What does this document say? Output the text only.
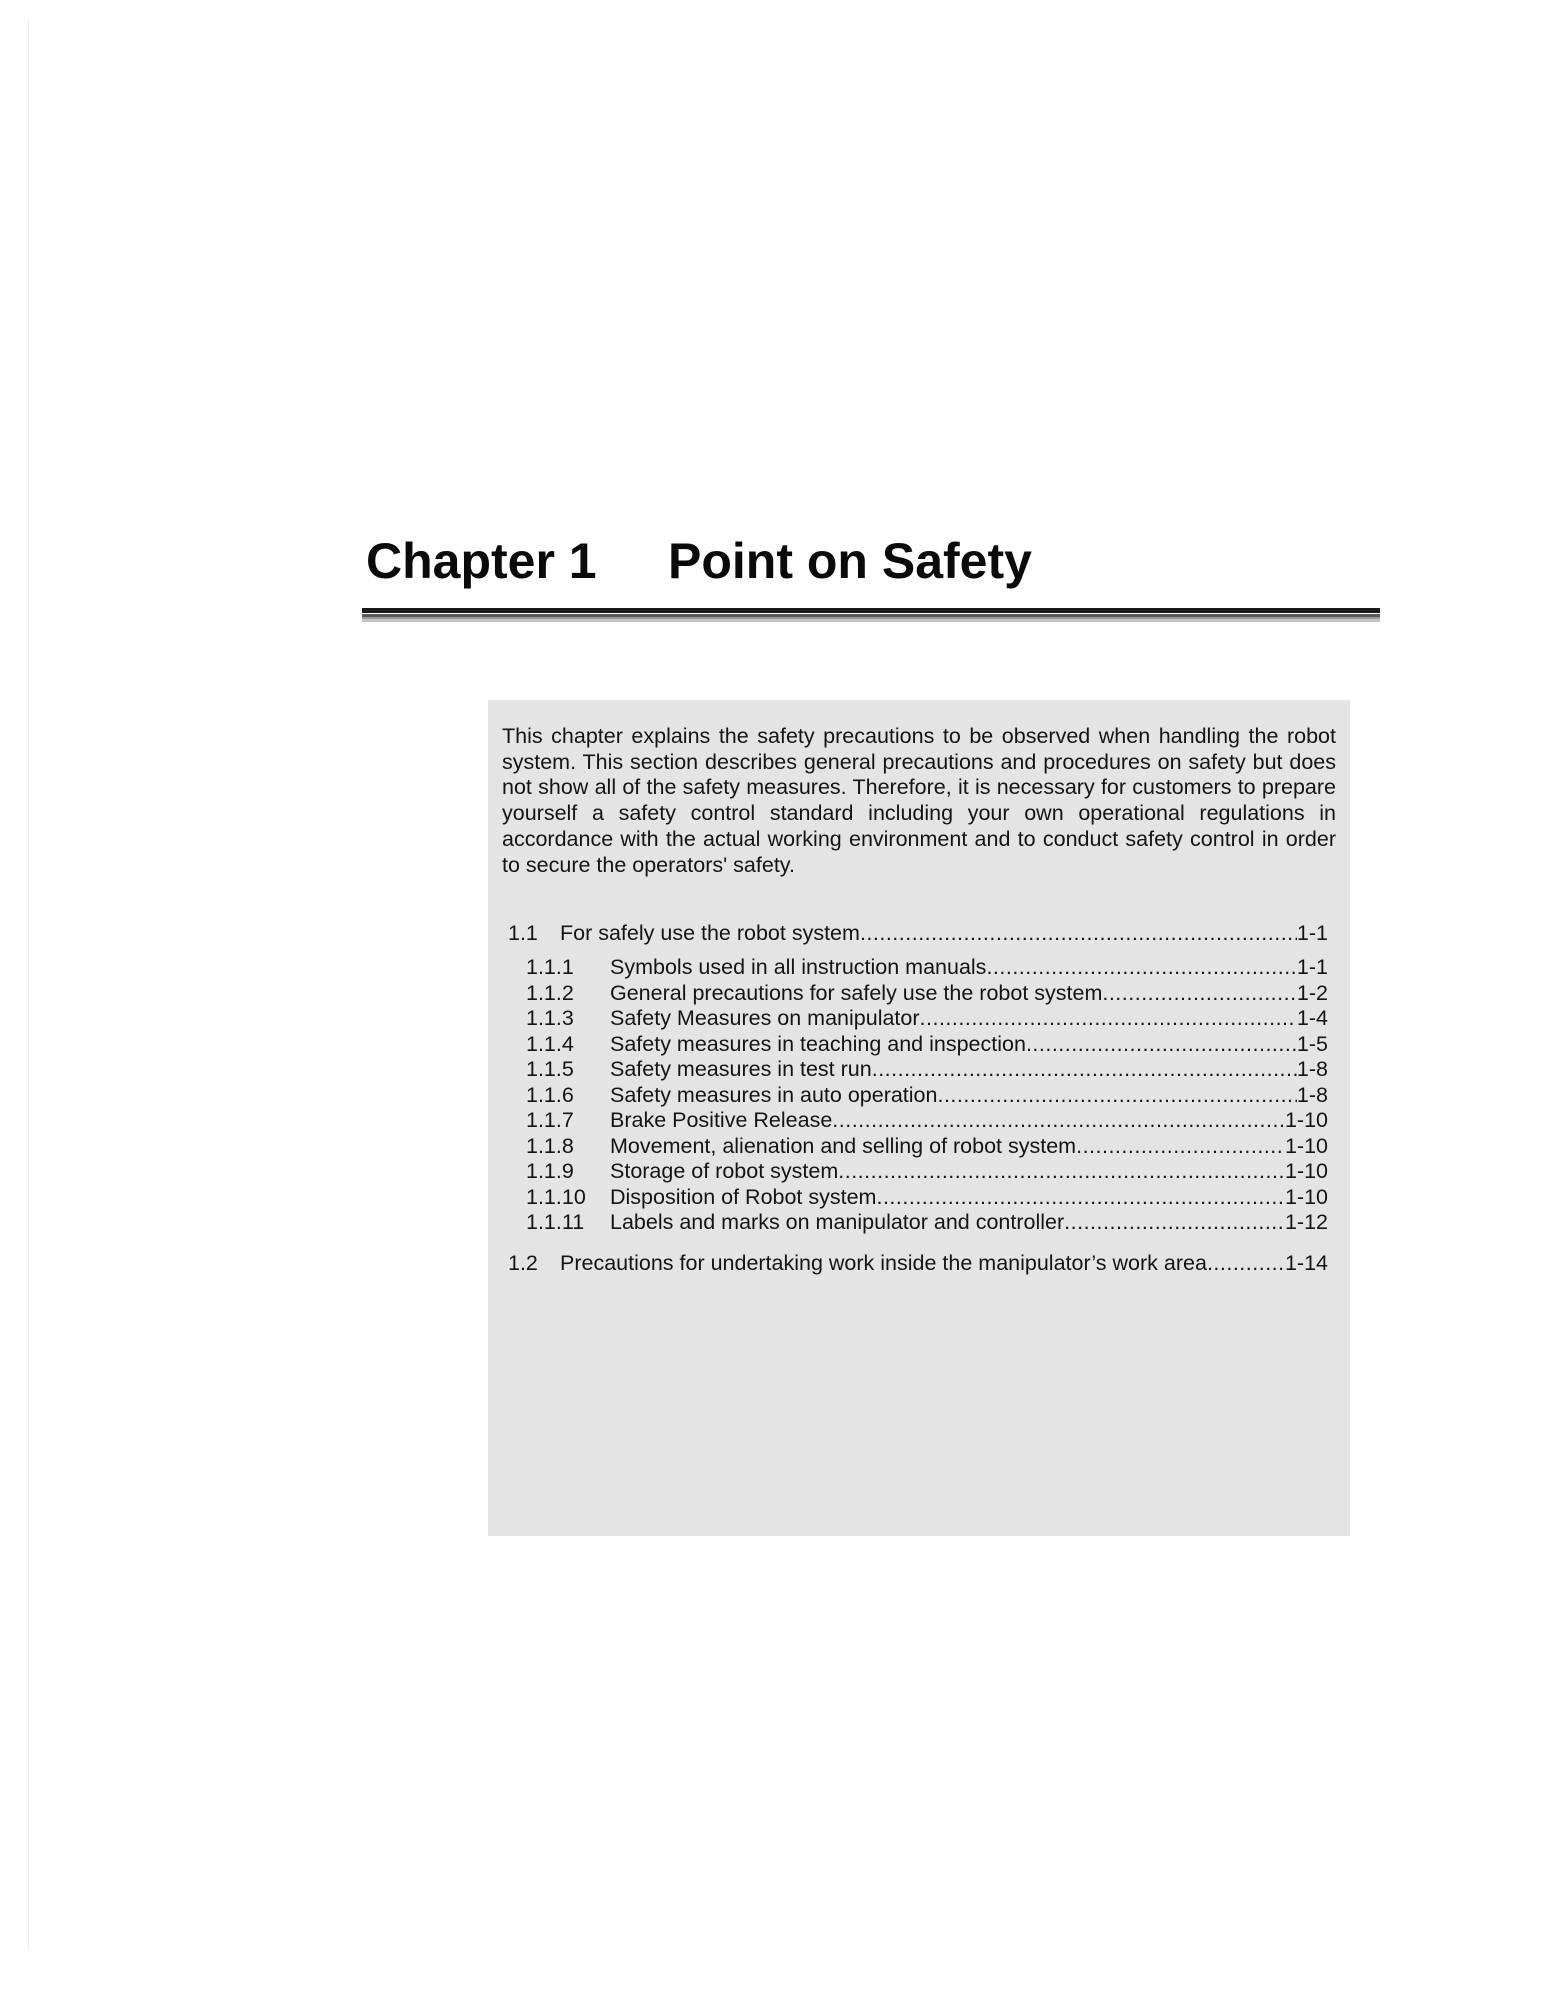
Chapter 1 Point on Safety

This chapter explains the safety precautions to be observed when handling the robot system. This section describes general precautions and procedures on safety but does not show all of the safety measures. Therefore, it is necessary for customers to prepare yourself a safety control standard including your own operational regulations in accordance with the actual working environment and to conduct safety control in order to secure the operators' safety.

1.1	For safely use the robot system .....	1-1
1.1.1	Symbols used in all instruction manuals .....	1-1
1.1.2	General precautions for safely use the robot system .....	1-2
1.1.3	Safety Measures on manipulator .....	1-4
1.1.4	Safety measures in teaching and inspection .....	1-5
1.1.5	Safety measures in test run .....	1-8
1.1.6	Safety measures in auto operation .....	1-8
1.1.7	Brake Positive Release .....	1-10
1.1.8	Movement, alienation and selling of robot system .....	1-10
1.1.9	Storage of robot system .....	1-10
1.1.10	Disposition of Robot system .....	1-10
1.1.11	Labels and marks on manipulator and controller .....	1-12
1.2	Precautions for undertaking work inside the manipulator’s work area .....	1-14
